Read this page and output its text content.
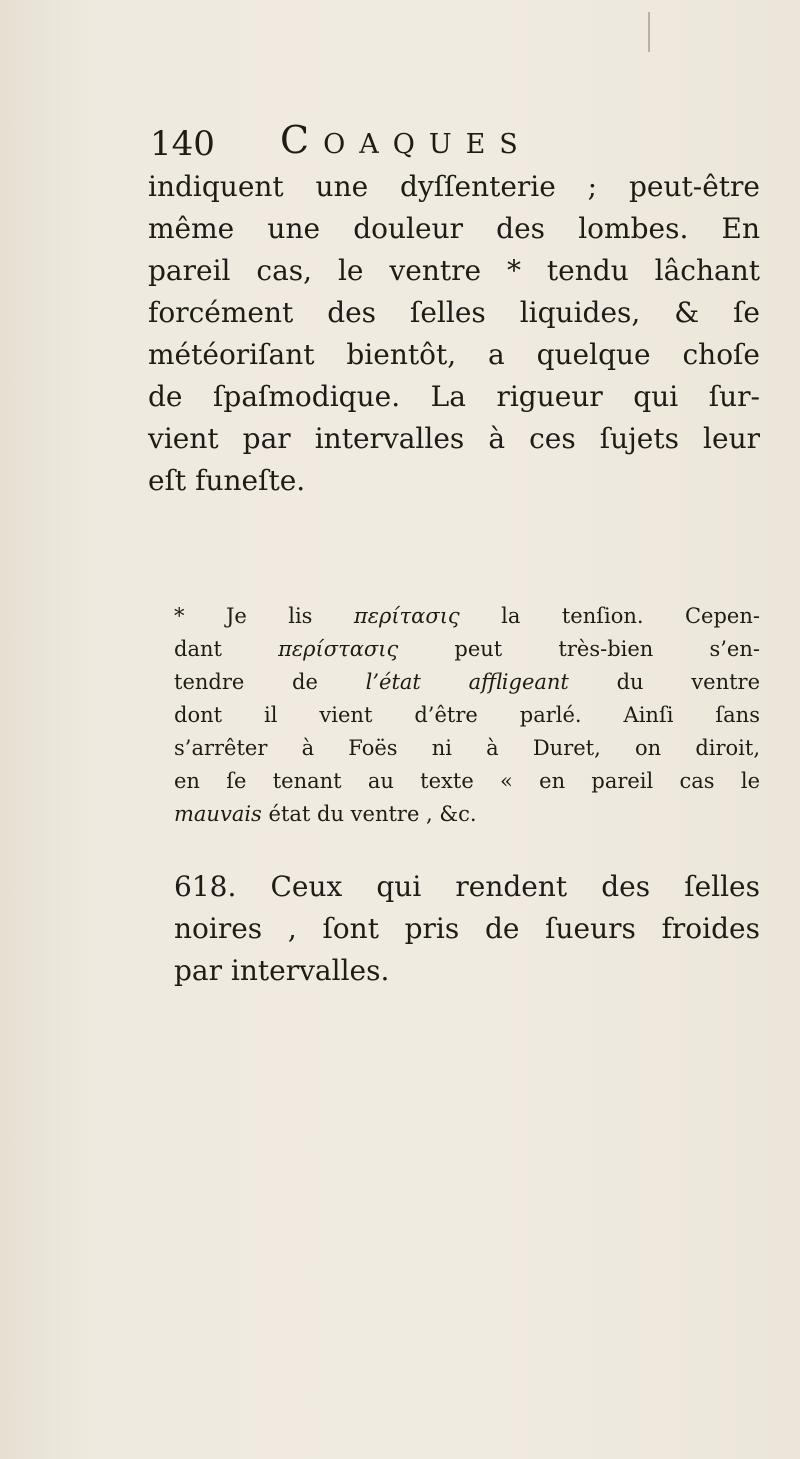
140 Coaques

indiquent une dyſſenterie ; peut-être
même une douleur des lombes. En
pareil cas, le ventre * tendu lâchant
forcément des ſelles liquides, & ſe
météoriſant bientôt, a quelque choſe
de ſpaſmodique. La rigueur qui ſur-
vient par intervalles à ces ſujets leur
eſt funeſte.

* Je lis περίτασις la tenſion. Cepen-
dant περίστασις peut très-bien s’en-
tendre de l’état affligeant du ventre
dont il vient d’être parlé. Ainſi ſans
s’arrêter à Foës ni à Duret, on diroit,
en ſe tenant au texte « en pareil cas le
mauvais état du ventre , &c.

618. Ceux qui rendent des ſelles
noires , ſont pris de ſueurs froides
par intervalles.
